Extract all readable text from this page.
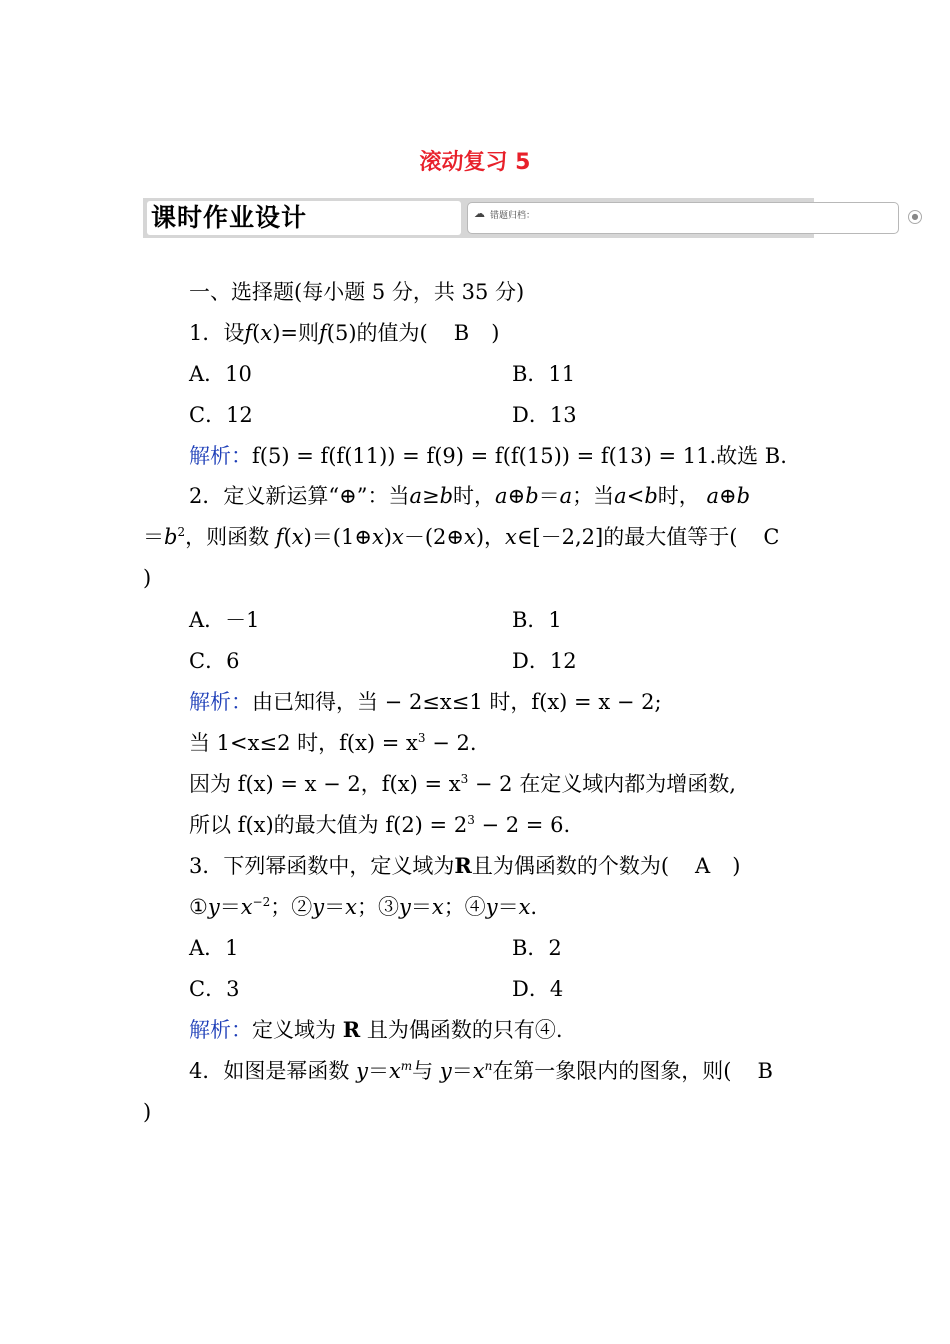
滚动复习 5
课时作业设计	☁ 错题归档：	●
一、选择题(每小题 5 分，共 35 分)
1．设f(x)=则f(5)的值为( B )
A．10	B．11
C．12	D．13
解析：f(5) = f(f(11)) = f(9) = f(f(15)) = f(13) = 11.故选 B.
2．定义新运算“⊕”：当a≥b时，a⊕b＝a；当a<b时， a⊕b
$=b^2$，则函数 f(x)＝(1⊕x)x－(2⊕x)，x∈[－2,2]的最大值等于( C
)
A．－1	B．1
C．6	D．12
解析：由已知得，当 − 2≤x≤1 时，f(x) = x − 2;
当 1<x≤2 时，$f(x) = x^3 - 2$.
因为 f(x) = x − 2，$f(x) = x^3 - 2$ 在定义域内都为增函数,
所以 f(x)的最大值为 $f(2) = 2^3 - 2 = 6$.
3．下列幂函数中，定义域为R且为偶函数的个数为( A )
$①y=x^{-2}$；②y＝x；③y＝x；④y＝x.
A．1	B．2
C．3	D．4
解析：定义域为 R 且为偶函数的只有④.
4．如图是幂函数 $y=x^m$与 $y=x^n$在第一象限内的图象，则( B
)
